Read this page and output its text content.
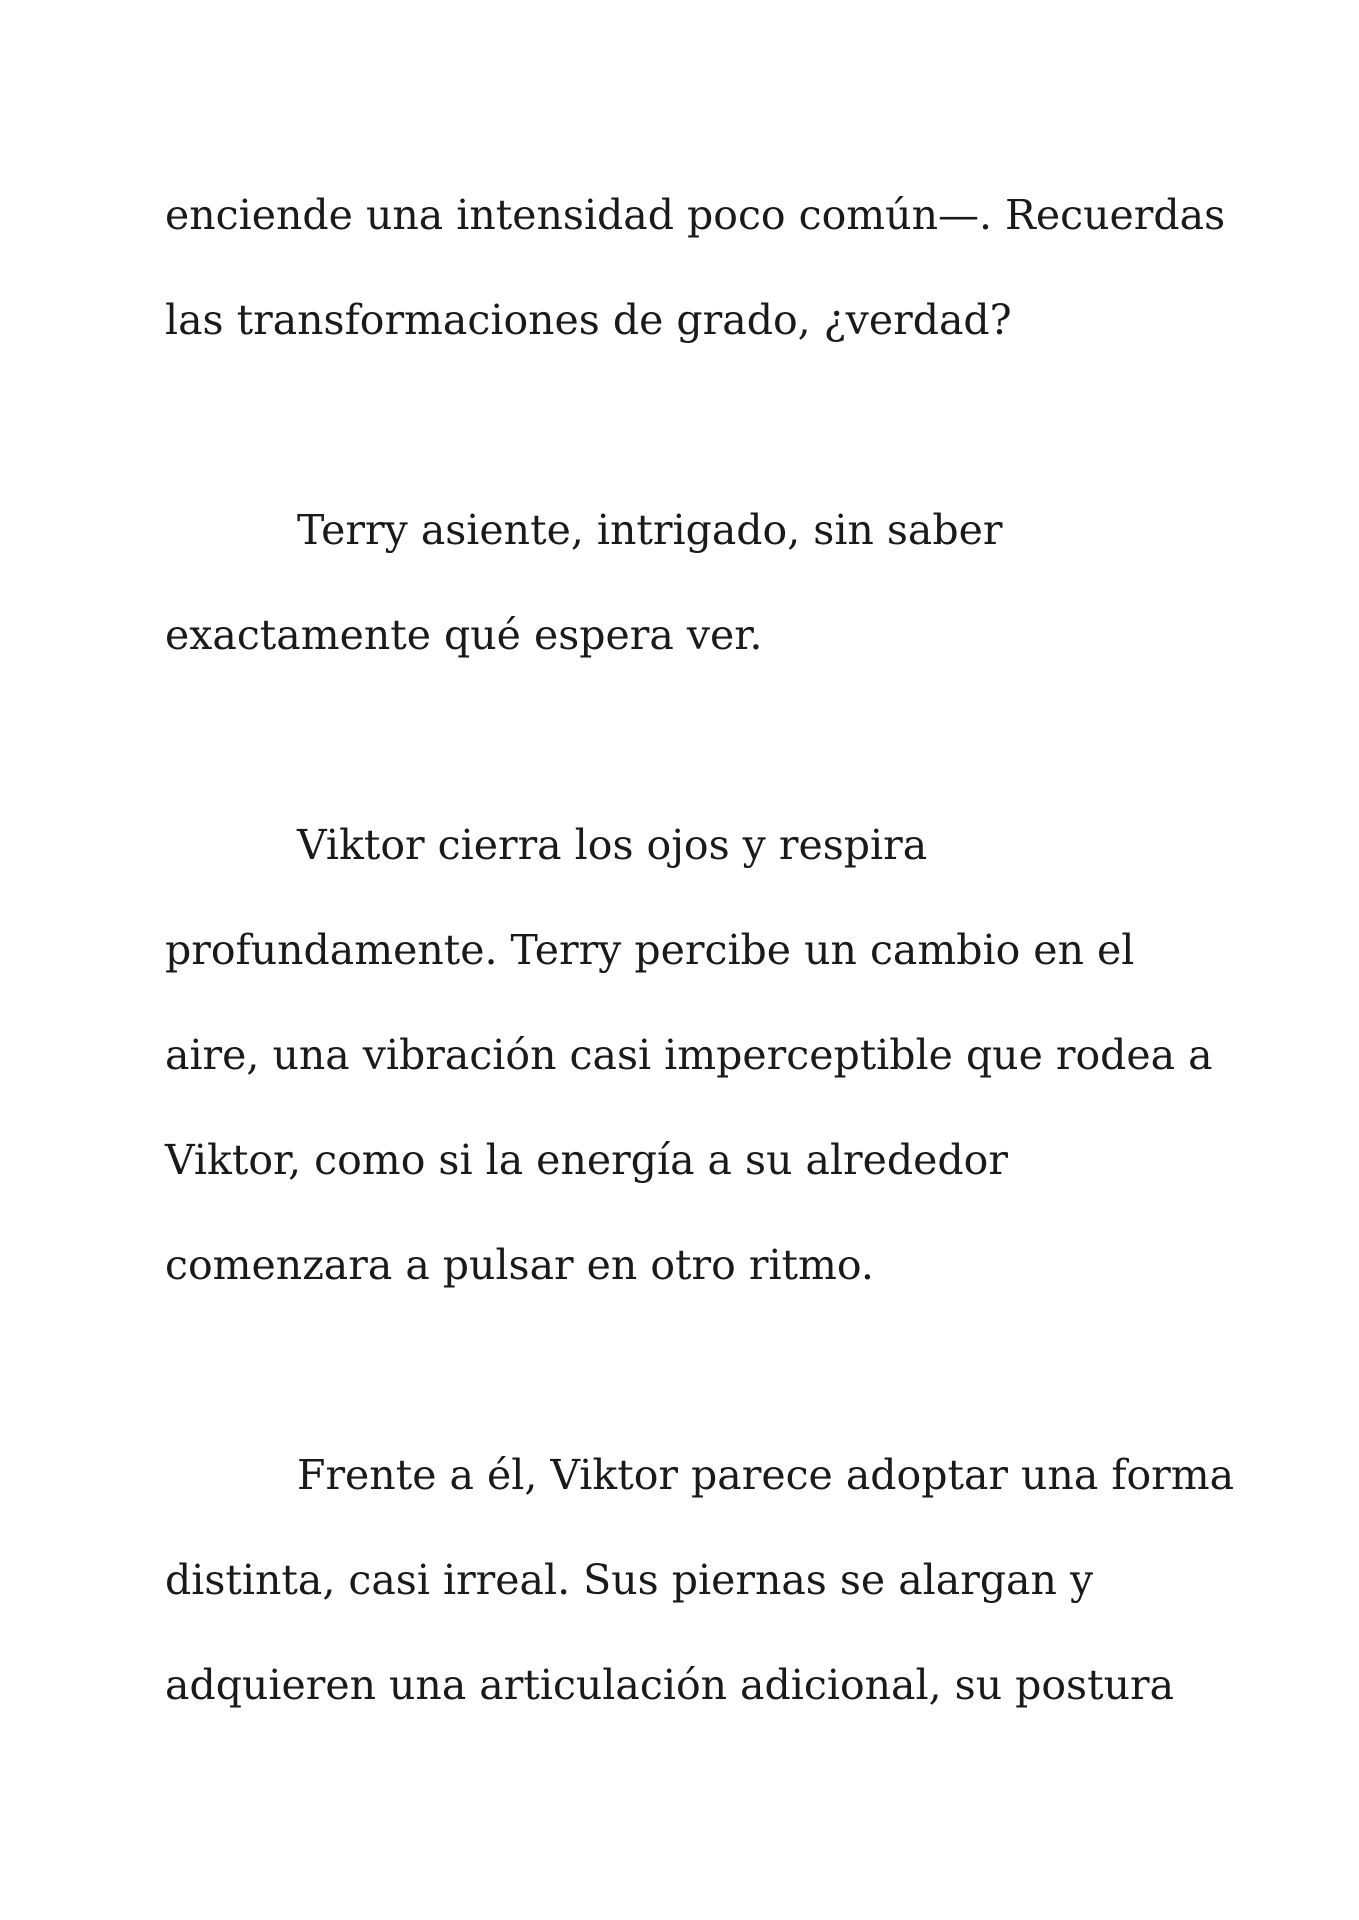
enciende una intensidad poco común—. Recuerdas
las transformaciones de grado, ¿verdad?
Terry asiente, intrigado, sin saber
exactamente qué espera ver.
Viktor cierra los ojos y respira
profundamente. Terry percibe un cambio en el
aire, una vibración casi imperceptible que rodea a
Viktor, como si la energía a su alrededor
comenzara a pulsar en otro ritmo.
Frente a él, Viktor parece adoptar una forma
distinta, casi irreal. Sus piernas se alargan y
adquieren una articulación adicional, su postura
